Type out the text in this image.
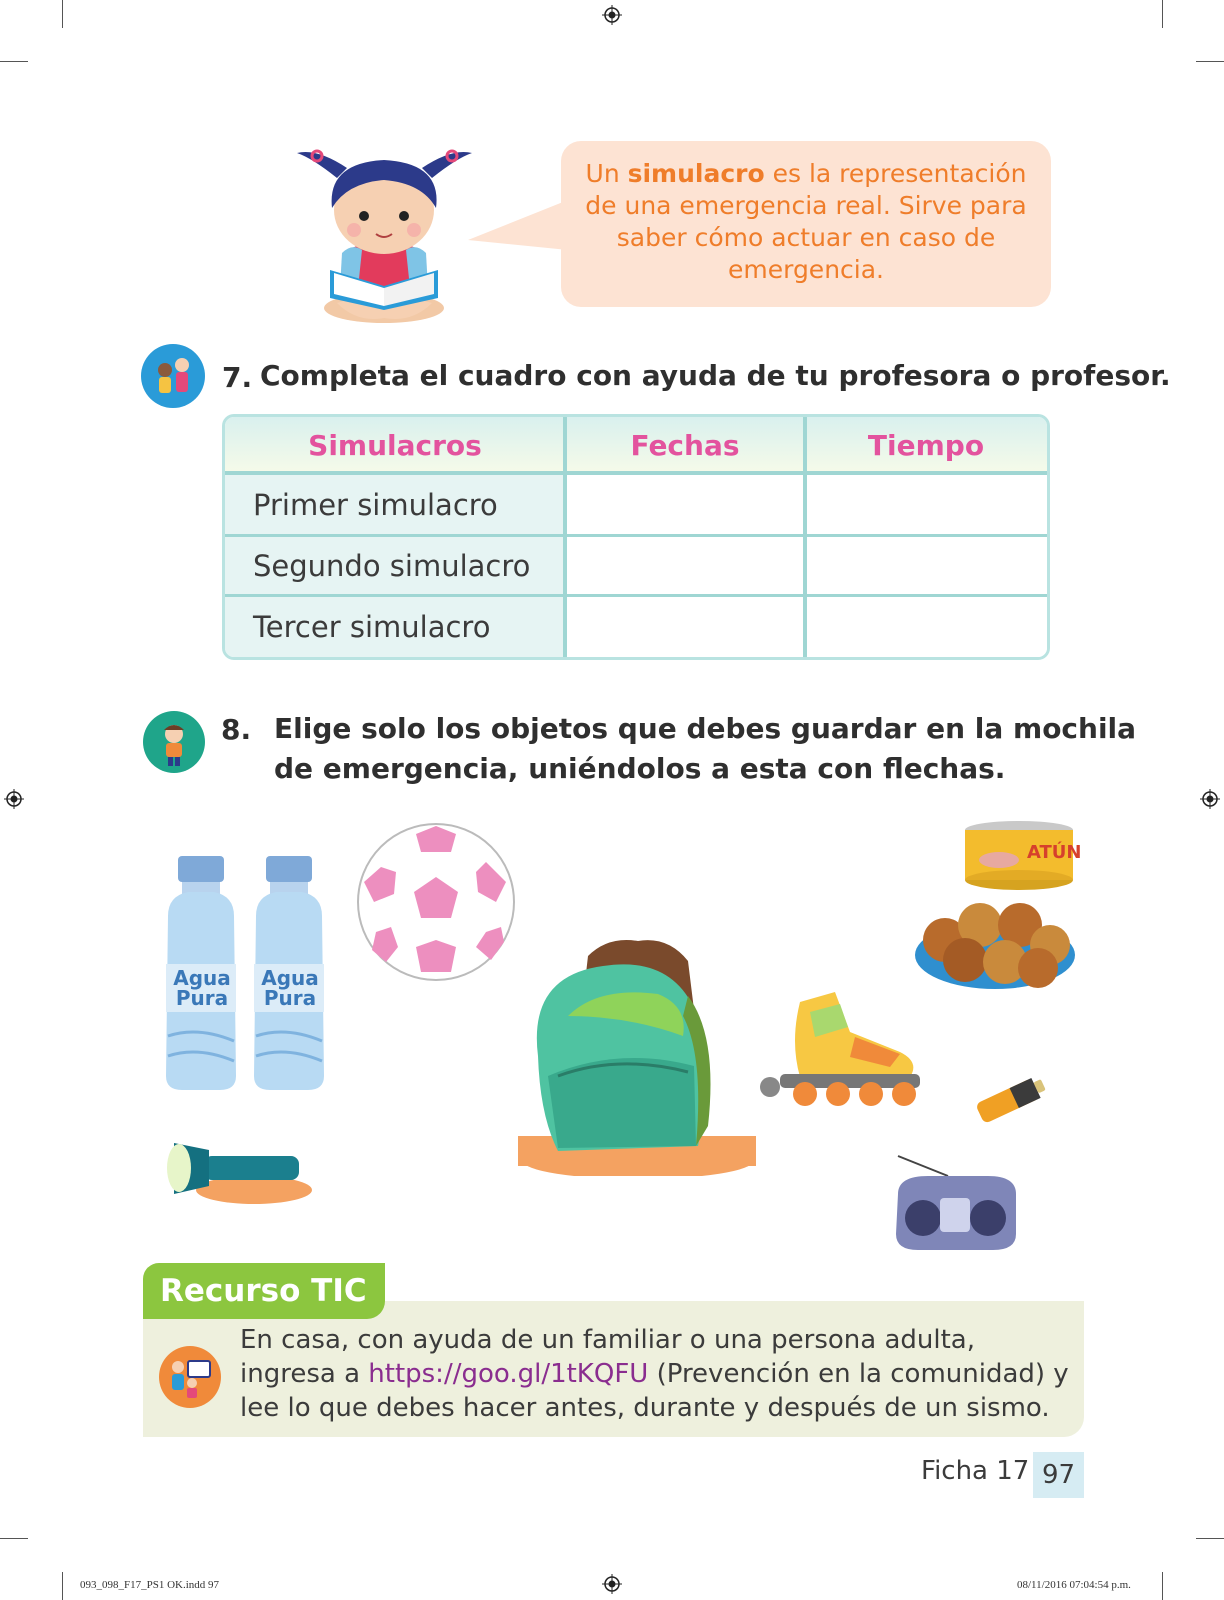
Un simulacro es la representación de una emergencia real. Sirve para saber cómo actuar en caso de emergencia.
7. Completa el cuadro con ayuda de tu profesora o profesor.
Simulacros	Fechas	Tiempo
Primer simulacro
Segundo simulacro
Tercer simulacro
8. Elige solo los objetos que debes guardar en la mochila
de emergencia, uniéndolos a esta con flechas.
Agua
Pura
Agua
Pura
ATÚN
Recurso TIC
En casa, con ayuda de un familiar o una persona adulta, ingresa a https://goo.gl/1tKQFU (Prevención en la comunidad) y lee lo que debes hacer antes, durante y después de un sismo.
Ficha 17 97
093_098_F17_PS1 OK.indd 97	08/11/2016 07:04:54 p.m.
